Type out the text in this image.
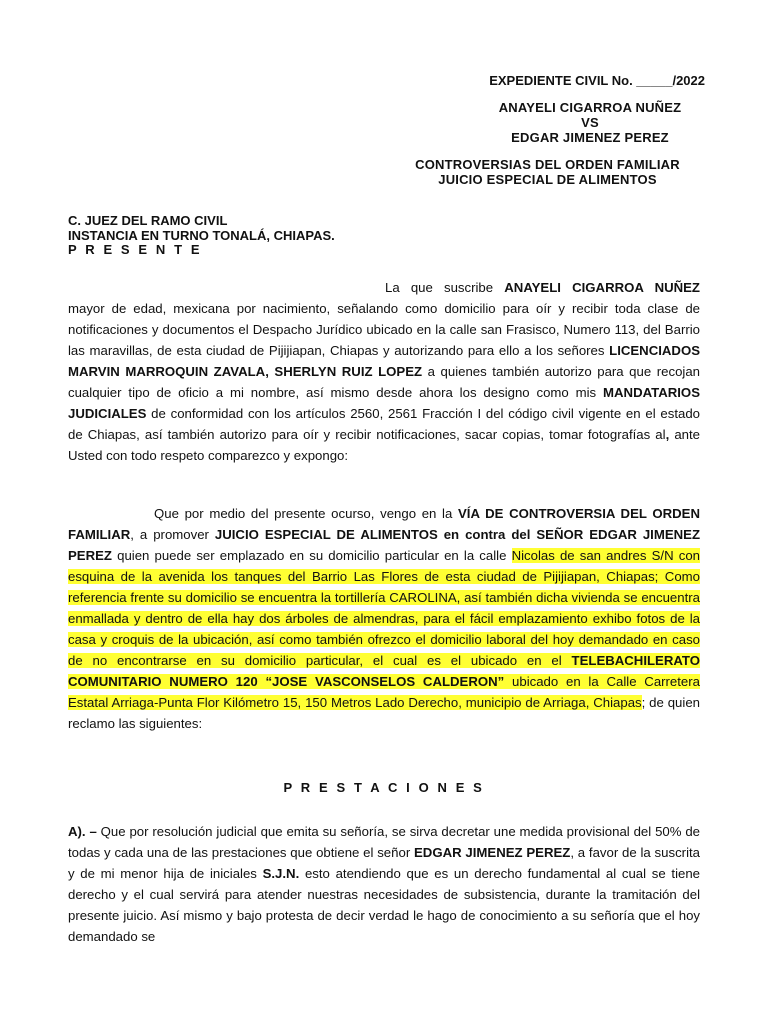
EXPEDIENTE CIVIL No. _____/2022
ANAYELI CIGARROA NUÑEZ
VS
EDGAR JIMENEZ PEREZ
CONTROVERSIAS DEL ORDEN FAMILIAR
JUICIO ESPECIAL DE ALIMENTOS
C. JUEZ DEL RAMO CIVIL
INSTANCIA EN TURNO TONALÁ, CHIAPAS.
P R E S E N T E

La que suscribe ANAYELI CIGARROA NUÑEZ mayor de edad, mexicana por nacimiento, señalando como domicilio para oír y recibir toda clase de notificaciones y documentos el Despacho Jurídico ubicado en la calle san Frasisco, Numero 113, del Barrio las maravillas, de esta ciudad de Pijijiapan, Chiapas y autorizando para ello a los señores LICENCIADOS MARVIN MARROQUIN ZAVALA, SHERLYN RUIZ LOPEZ a quienes también autorizo para que recojan cualquier tipo de oficio a mi nombre, así mismo desde ahora los designo como mis MANDATARIOS JUDICIALES de conformidad con los artículos 2560, 2561 Fracción I del código civil vigente en el estado de Chiapas, así también autorizo para oír y recibir notificaciones, sacar copias, tomar fotografías al, ante Usted con todo respeto comparezco y expongo:

Que por medio del presente ocurso, vengo en la VÍA DE CONTROVERSIA DEL ORDEN FAMILIAR, a promover JUICIO ESPECIAL DE ALIMENTOS en contra del SEÑOR EDGAR JIMENEZ PEREZ quien puede ser emplazado en su domicilio particular en la calle Nicolas de san andres S/N con esquina de la avenida los tanques del Barrio Las Flores de esta ciudad de Pijijiapan, Chiapas; Como referencia frente su domicilio se encuentra la tortillería CAROLINA, así también dicha vivienda se encuentra enmallada y dentro de ella hay dos árboles de almendras, para el fácil emplazamiento exhibo fotos de la casa y croquis de la ubicación, así como también ofrezco el domicilio laboral del hoy demandado en caso de no encontrarse en su domicilio particular, el cual es el ubicado en el TELEBACHILERATO COMUNITARIO NUMERO 120 “JOSE VASCONSELOS CALDERON” ubicado en la Calle Carretera Estatal Arriaga-Punta Flor Kilómetro 15, 150 Metros Lado Derecho, municipio de Arriaga, Chiapas; de quien reclamo las siguientes:

P R E S T A C I O N E S

A). – Que por resolución judicial que emita su señoría, se sirva decretar une medida provisional del 50% de todas y cada una de las prestaciones que obtiene el señor EDGAR JIMENEZ PEREZ, a favor de la suscrita y de mi menor hija de iniciales S.J.N. esto atendiendo que es un derecho fundamental al cual se tiene derecho y el cual servirá para atender nuestras necesidades de subsistencia, durante la tramitación del presente juicio. Así mismo y bajo protesta de decir verdad le hago de conocimiento a su señoría que el hoy demandado se
